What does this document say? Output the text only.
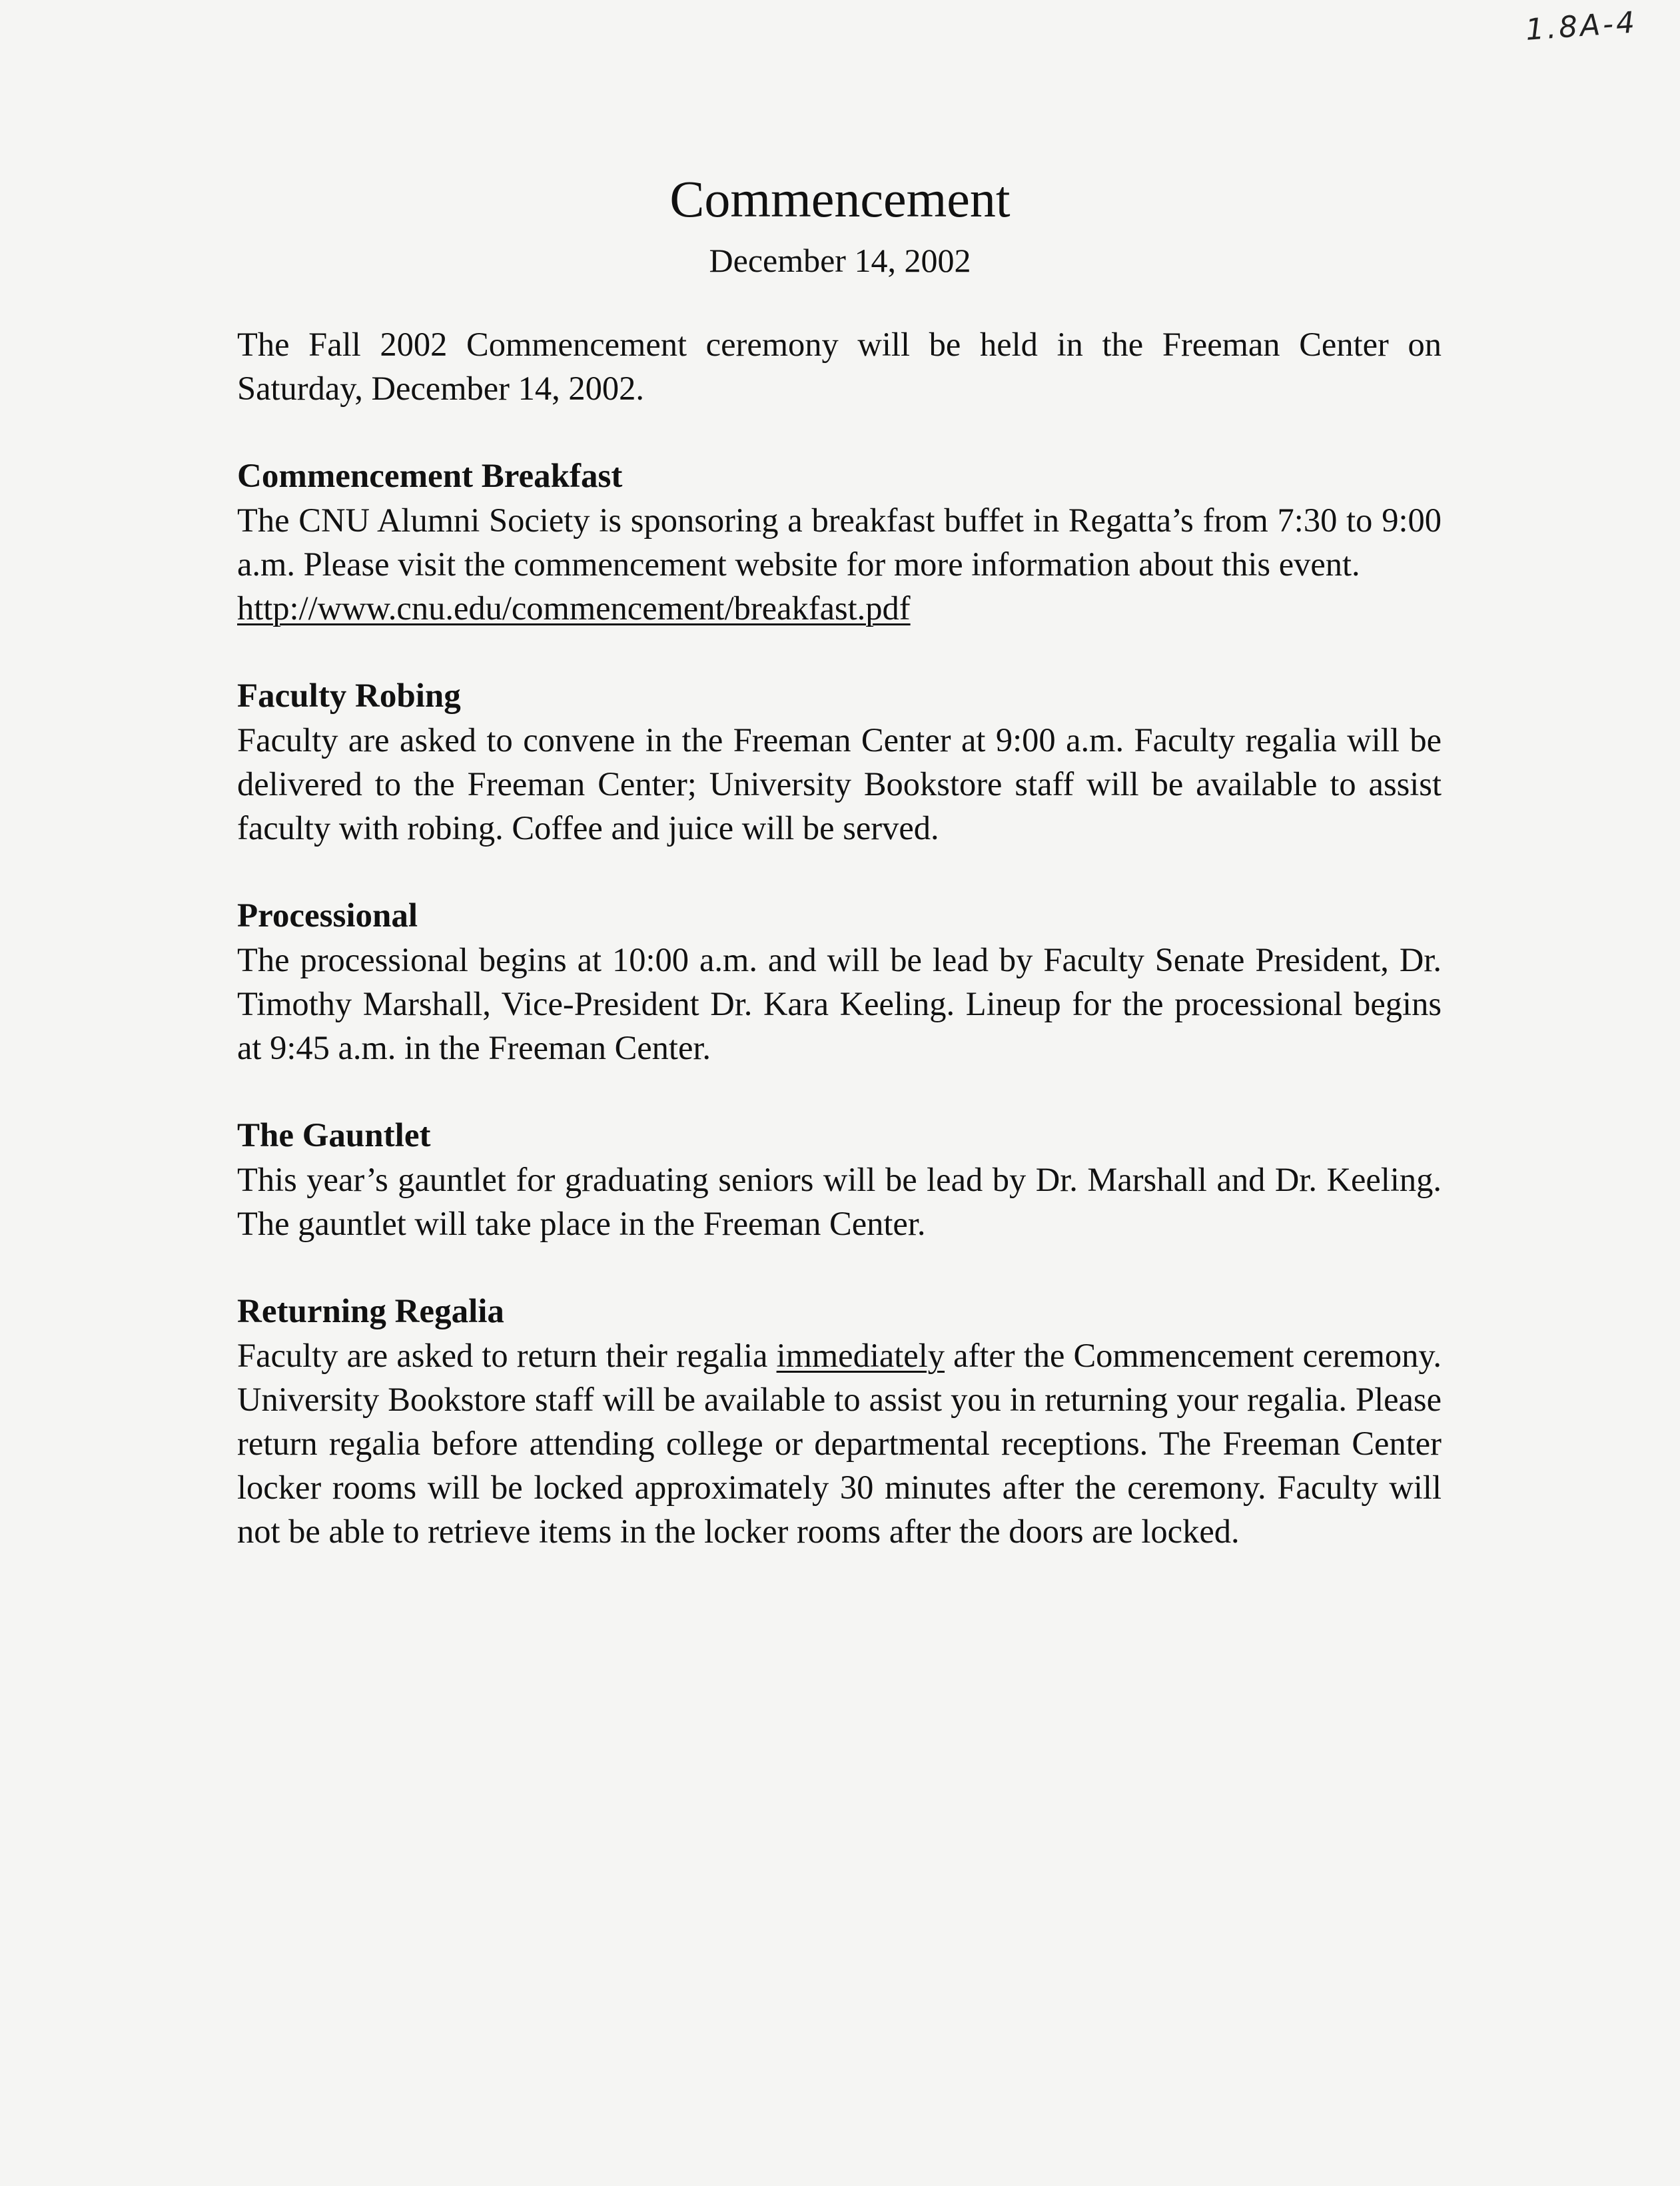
1.8A-4
Commencement
December 14, 2002

The Fall 2002 Commencement ceremony will be held in the Freeman Center on Saturday, December 14, 2002.

Commencement Breakfast

The CNU Alumni Society is sponsoring a breakfast buffet in Regatta’s from 7:30 to 9:00 a.m. Please visit the commencement website for more information about this event.

http://www.cnu.edu/commencement/breakfast.pdf

Faculty Robing

Faculty are asked to convene in the Freeman Center at 9:00 a.m. Faculty regalia will be delivered to the Freeman Center; University Bookstore staff will be available to assist faculty with robing. Coffee and juice will be served.

Processional

The processional begins at 10:00 a.m. and will be lead by Faculty Senate President, Dr. Timothy Marshall, Vice-President Dr. Kara Keeling. Lineup for the processional begins at 9:45 a.m. in the Freeman Center.

The Gauntlet

This year’s gauntlet for graduating seniors will be lead by Dr. Marshall and Dr. Keeling. The gauntlet will take place in the Freeman Center.

Returning Regalia

Faculty are asked to return their regalia immediately after the Commencement ceremony. University Bookstore staff will be available to assist you in returning your regalia. Please return regalia before attending college or departmental receptions. The Freeman Center locker rooms will be locked approximately 30 minutes after the ceremony. Faculty will not be able to retrieve items in the locker rooms after the doors are locked.
